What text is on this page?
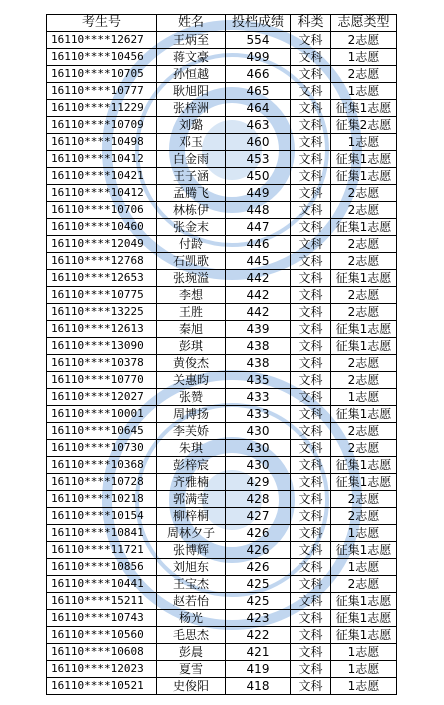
考生号	姓名	投档成绩	科类	志愿类型
16110****12627	王炳至	554	文科	2志愿
16110****10456	蒋文豪	499	文科	1志愿
16110****10705	孙恒越	466	文科	2志愿
16110****10777	耿旭阳	465	文科	1志愿
16110****11229	张梓洲	464	文科	征集1志愿
16110****10709	刘璐	463	文科	征集2志愿
16110****10498	邓玉	460	文科	1志愿
16110****10412	白金雨	453	文科	征集1志愿
16110****10421	王子涵	450	文科	征集1志愿
16110****10412	孟腾飞	449	文科	2志愿
16110****10706	林栋伊	448	文科	2志愿
16110****10460	张金末	447	文科	征集1志愿
16110****12049	付龄	446	文科	2志愿
16110****12768	石凯歌	445	文科	2志愿
16110****12653	张琬溢	442	文科	征集1志愿
16110****10775	李想	442	文科	2志愿
16110****13225	王胜	442	文科	2志愿
16110****12613	秦旭	439	文科	征集1志愿
16110****13090	彭琪	438	文科	征集1志愿
16110****10378	黄俊杰	438	文科	2志愿
16110****10770	关惠昀	435	文科	2志愿
16110****12027	张赞	433	文科	1志愿
16110****10001	周博扬	433	文科	征集1志愿
16110****10645	李芙娇	430	文科	2志愿
16110****10730	朱琪	430	文科	2志愿
16110****10368	彭梓宸	430	文科	征集1志愿
16110****10728	齐雅楠	429	文科	征集1志愿
16110****10218	郭满莹	428	文科	2志愿
16110****10154	柳梓桐	427	文科	2志愿
16110****10841	周林夕子	426	文科	1志愿
16110****11721	张博辉	426	文科	征集1志愿
16110****10856	刘旭东	426	文科	1志愿
16110****10441	王宝杰	425	文科	2志愿
16110****15211	赵若怡	425	文科	征集1志愿
16110****10743	杨光	423	文科	征集1志愿
16110****10560	毛思杰	422	文科	征集1志愿
16110****10608	彭晨	421	文科	1志愿
16110****12023	夏雪	419	文科	1志愿
16110****10521	史俊阳	418	文科	1志愿
